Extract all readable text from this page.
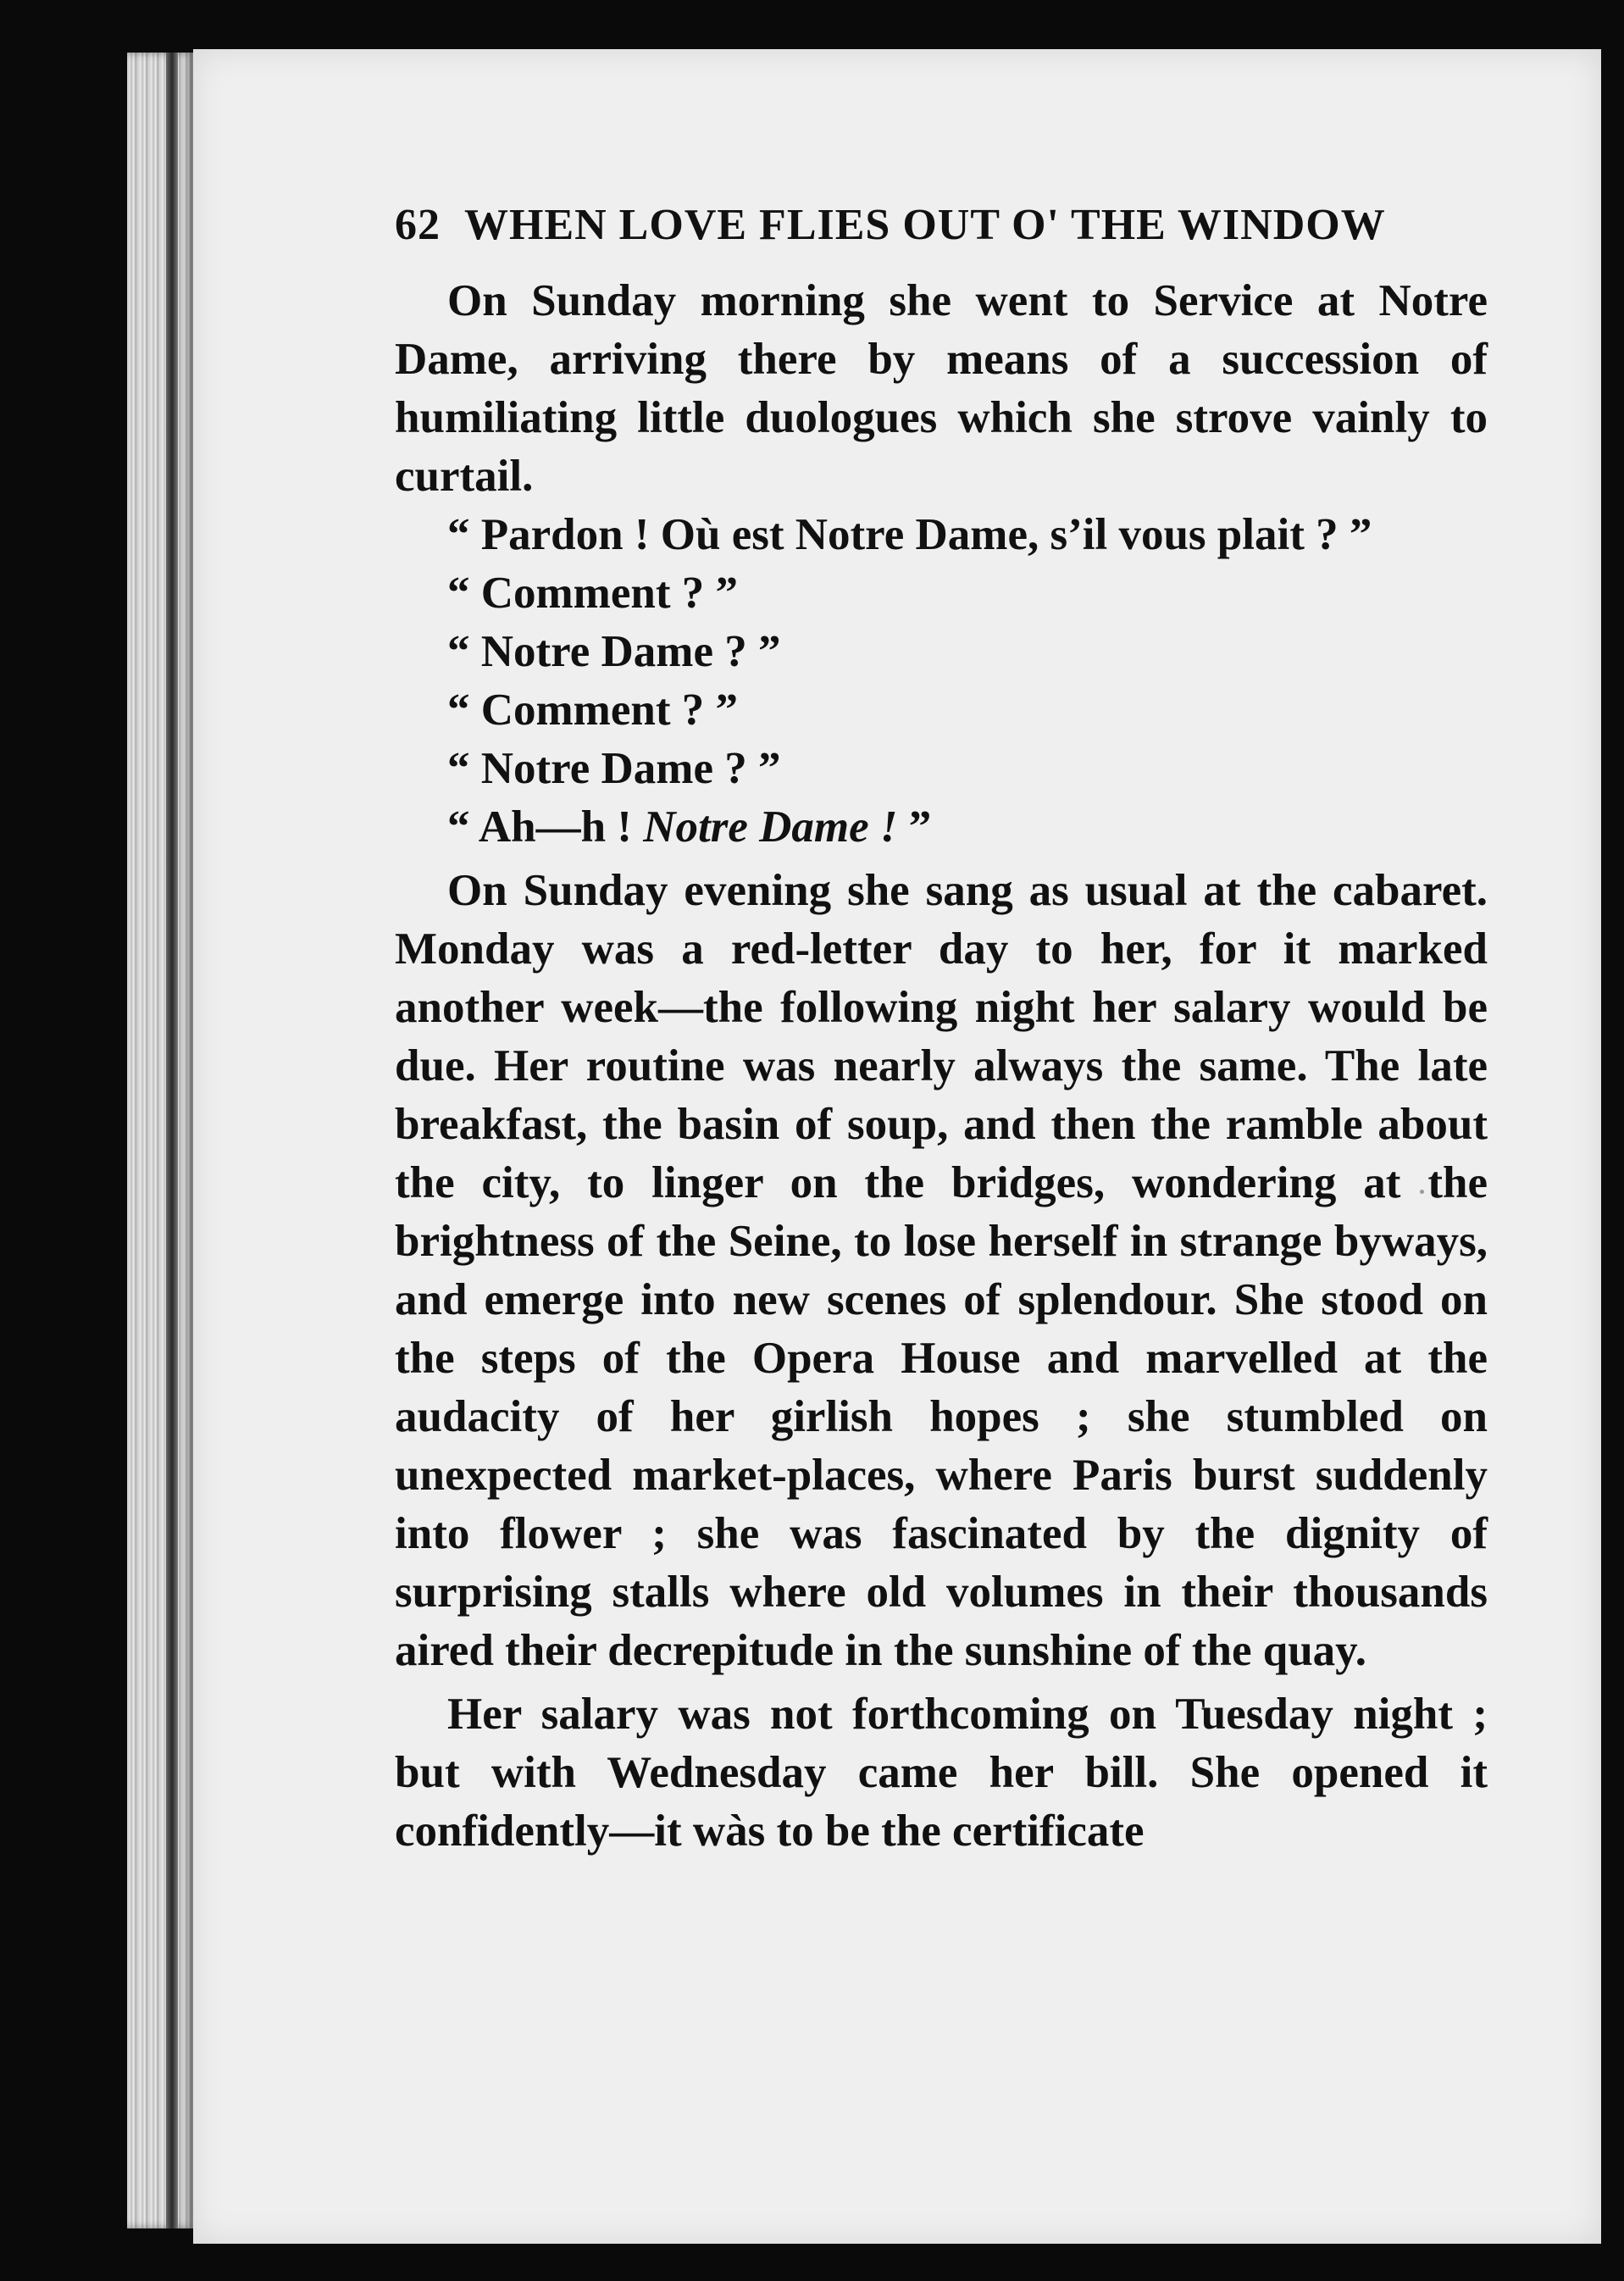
62 WHEN LOVE FLIES OUT O' THE WINDOW

On Sunday morning she went to Service at Notre Dame, arriving there by means of a succession of humiliating little duologues which she strove vainly to curtail.

“ Pardon ! Où est Notre Dame, s’il vous plait ? ”

“ Comment ? ”

“ Notre Dame ? ”

“ Comment ? ”

“ Notre Dame ? ”

“ Ah—h ! Notre Dame ! ”

On Sunday evening she sang as usual at the cabaret. Monday was a red-letter day to her, for it marked another week—the following night her salary would be due. Her routine was nearly always the same. The late breakfast, the basin of soup, and then the ramble about the city, to linger on the bridges, wondering at the brightness of the Seine, to lose herself in strange byways, and emerge into new scenes of splendour. She stood on the steps of the Opera House and marvelled at the audacity of her girlish hopes ; she stumbled on unexpected market-places, where Paris burst suddenly into flower ; she was fascinated by the dignity of surprising stalls where old volumes in their thousands aired their decrepitude in the sunshine of the quay.

Her salary was not forthcoming on Tuesday night ; but with Wednesday came her bill. She opened it confidently—it wàs to be the certificate
